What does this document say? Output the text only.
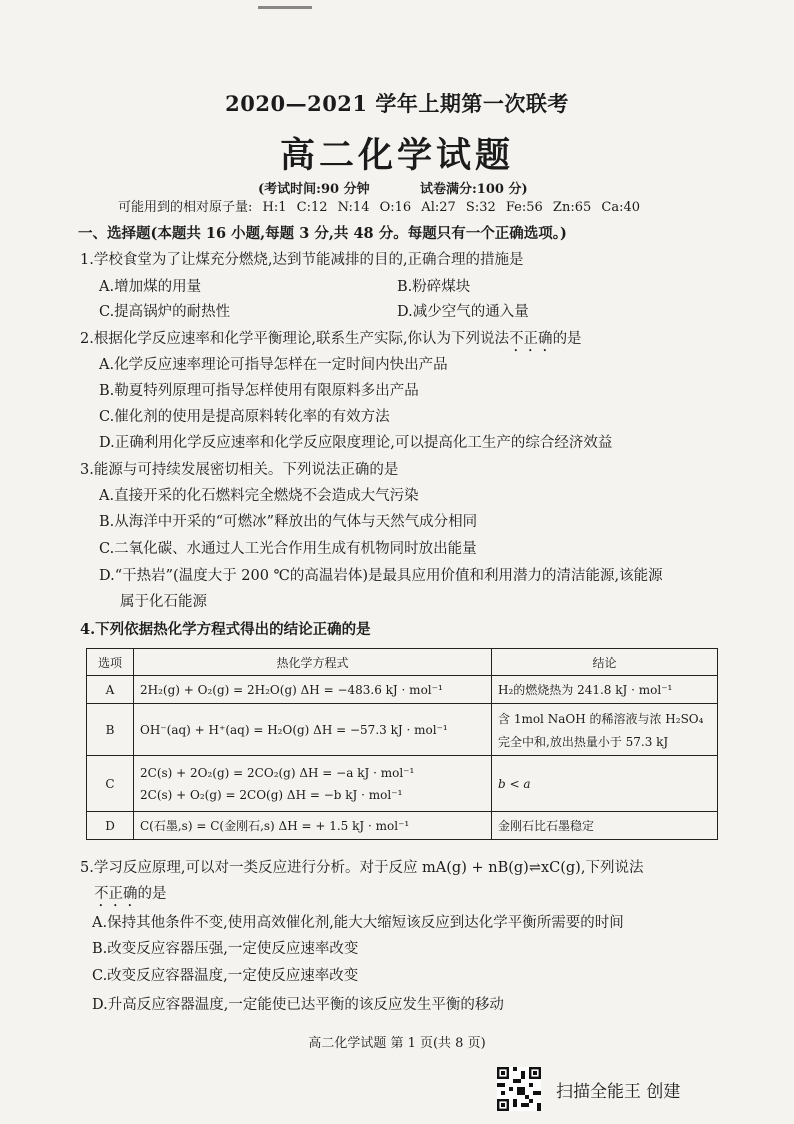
2020—2021 学年上期第一次联考
高二化学试题
(考试时间:90 分钟	试卷满分:100 分)
可能用到的相对原子量: H:1 C:12 N:14 O:16 Al:27 S:32 Fe:56 Zn:65 Ca:40
一、选择题(本题共 16 小题,每题 3 分,共 48 分。每题只有一个正确选项。)
1.学校食堂为了让煤充分燃烧,达到节能减排的目的,正确合理的措施是
A.增加煤的用量	B.粉碎煤块
C.提高锅炉的耐热性	D.减少空气的通入量
2.根据化学反应速率和化学平衡理论,联系生产实际,你认为下列说法不正确的是
A.化学反应速率理论可指导怎样在一定时间内快出产品
B.勒夏特列原理可指导怎样使用有限原料多出产品
C.催化剂的使用是提高原料转化率的有效方法
D.正确利用化学反应速率和化学反应限度理论,可以提高化工生产的综合经济效益
3.能源与可持续发展密切相关。下列说法正确的是
A.直接开采的化石燃料完全燃烧不会造成大气污染
B.从海洋中开采的“可燃冰”释放出的气体与天然气成分相同
C.二氧化碳、水通过人工光合作用生成有机物同时放出能量
D.“干热岩”(温度大于 200 ℃的高温岩体)是最具应用价值和利用潜力的清洁能源,该能源
属于化石能源
4.下列依据热化学方程式得出的结论正确的是
选项	热化学方程式	结论
A	2H₂(g) + O₂(g) = 2H₂O(g) ΔH = −483.6 kJ · mol⁻¹	H₂的燃烧热为 241.8 kJ · mol⁻¹
B	OH⁻(aq) + H⁺(aq) = H₂O(g) ΔH = −57.3 kJ · mol⁻¹	含 1mol NaOH 的稀溶液与浓 H₂SO₄
完全中和,放出热量小于 57.3 kJ

C	2C(s) + 2O₂(g) = 2CO₂(g) ΔH = −a kJ · mol⁻¹
2C(s) + O₂(g) = 2CO(g) ΔH = −b kJ · mol⁻¹	b < a
D	C(石墨,s) = C(金刚石,s) ΔH = + 1.5 kJ · mol⁻¹	金刚石比石墨稳定
5.学习反应原理,可以对一类反应进行分析。对于反应 mA(g) + nB(g)⇌xC(g),下列说法
不正确的是
A.保持其他条件不变,使用高效催化剂,能大大缩短该反应到达化学平衡所需要的时间
B.改变反应容器压强,一定使反应速率改变
C.改变反应容器温度,一定使反应速率改变
D.升高反应容器温度,一定能使已达平衡的该反应发生平衡的移动
高二化学试题 第 1 页(共 8 页)
扫描全能王 创建
